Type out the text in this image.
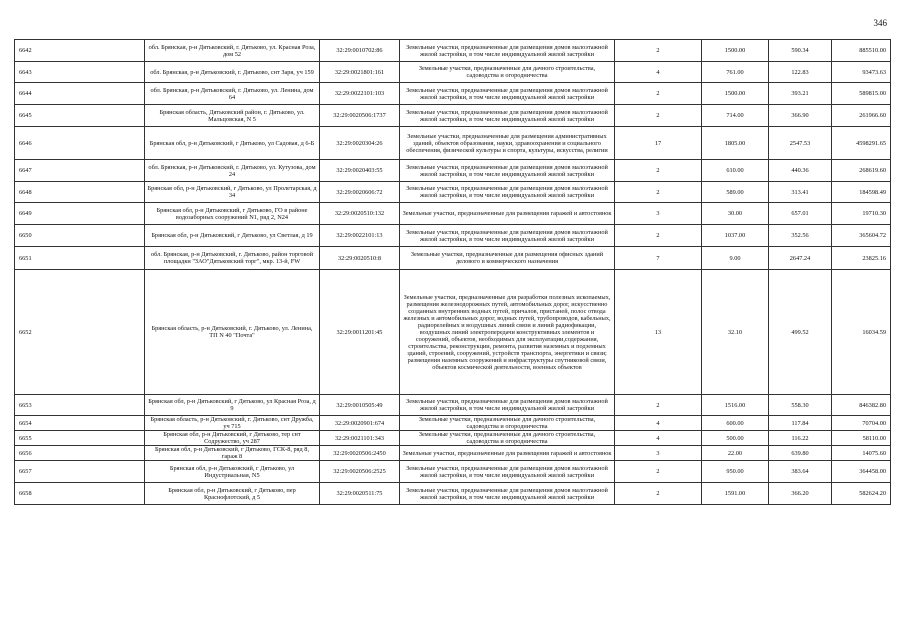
346
6642	обл. Брянская, р-н Дятьковский, г. Дятьково, ул. Красная Роза, дом 52	32:29:0010702:86	Земельные участки, предназначенные для размещения домов малоэтажной жилой застройки, в том числе индивидуальной жилой застройки	2	1500.00	590.34	885510.00
6643	обл. Брянская, р-н Дятьковский, г. Дятьково, снт Заря, уч 159	32:29:0021801:161	Земельные участки, предназначенные для дачного строительства, садоводства и огородничества	4	761.00	122.83	93473.63
6644	обл. Брянская, р-н Дятьковский, г. Дятьково, ул. Ленина, дом 64	32:29:0022101:103	Земельные участки, предназначенные для размещения домов малоэтажной жилой застройки, в том числе индивидуальной жилой застройки	2	1500.00	393.21	589815.00
6645	Брянская область, Дятьковский район, г. Дятьково, ул. Мальцовская, N 5	32:29:0020506:1737	Земельные участки, предназначенные для размещения домов малоэтажной жилой застройки, в том числе индивидуальной жилой застройки	2	714.00	366.90	261966.60
6646	Брянская обл, р-н Дятьковский, г Дятьково, ул Садовая, д 6-Б	32:29:0020304:26	Земельные участки, предназначенные для размещения административных зданий, объектов образования, науки, здравоохранения и социального обеспечения, физической культуры и спорта, культуры, искусства, религии	17	1805.00	2547.53	4598291.65
6647	обл. Брянская, р-н Дятьковский, г. Дятьково, ул. Кутузова, дом 24	32:29:0020403:55	Земельные участки, предназначенные для размещения домов малоэтажной жилой застройки, в том числе индивидуальной жилой застройки	2	610.00	440.36	268619.60
6648	Брянская обл, р-н Дятьковский, г Дятьково, ул Пролетарская, д 34	32:29:0020606:72	Земельные участки, предназначенные для размещения домов малоэтажной жилой застройки, в том числе индивидуальной жилой застройки	2	589.00	313.41	184598.49
6649	Брянская обл, р-н Дятьковский, г Дятьково, ГО в районе водозаборных сооружений N1, ряд 2, N24	32:29:0020510:132	Земельные участки, предназначенные для размещения гаражей и автостоянок	3	30.00	657.01	19710.30
6650	Брянская обл, р-н Дятьковский, г Дятьково, ул Светлая, д 19	32:29:0022101:13	Земельные участки, предназначенные для размещения домов малоэтажной жилой застройки, в том числе индивидуальной жилой застройки	2	1037.00	352.56	365604.72
6651	обл. Брянская, р-н Дятьковский, г. Дятьково, район торговой площадки "ЗАО"Дятьковский торг", мкр. 13-й, FW	32:29:0020510:8	Земельные участки, предназначенные для размещения офисных зданий делового и коммерческого назначения	7	9.00	2647.24	23825.16
6652	Брянская область, р-н Дятьковский, г. Дятьково, ул. Ленина, ТП N 40 "Почта"	32:29:0011201:45	Земельные участки, предназначенные для разработки полезных ископаемых, размещения железнодорожных путей, автомобильных дорог, искусственно созданных внутренних водных путей, причалов, пристаней, полос отвода железных и автомобильных дорог, водных путей, трубопроводов, кабельных, радиорелейных и воздушных линий связи и линий радиофикации, воздушных линий электропередачи конструктивных элементов и сооружений, объектов, необходимых для эксплуатации,содержания, строительства, реконструкции, ремонта, развития наземных и подземных зданий, строений, сооружений, устройств транспорта, энергетики и связи; размещения наземных сооружений и инфраструктуры спутниковой связи, объектов космической деятельности, военных объектов	13	32.10	499.52	16034.59
6653	Брянская обл, р-н Дятьковский, г Дятьково, ул Красная Роза, д 9	32:29:0010505:49	Земельные участки, предназначенные для размещения домов малоэтажной жилой застройки, в том числе индивидуальной жилой застройки	2	1516.00	558.30	846382.80
6654	Брянская область, р-н Дятьковский, г. Дятьково, снт Дружба, уч 715	32:29:0020901:674	Земельные участки, предназначенные для дачного строительства, садоводства и огородничества	4	600.00	117.84	70704.00
6655	Брянская обл, р-н Дятьковский, г Дятьково, тер снт Содружество, уч 287	32:29:0021101:343	Земельные участки, предназначенные для дачного строительства, садоводства и огородничества	4	500.00	116.22	58110.00
6656	Брянская обл, р-н Дятьковский, г Дятьково, ГСК-8, ряд 8, гараж 8	32:29:0020506:2450	Земельные участки, предназначенные для размещения гаражей и автостоянок	3	22.00	639.80	14075.60
6657	Брянская обл, р-н Дятьковский, г Дятьково, ул Индустриальная, N5	32:29:0020506:2525	Земельные участки, предназначенные для размещения домов малоэтажной жилой застройки, в том числе индивидуальной жилой застройки	2	950.00	383.64	364458.00
6658	Брянская обл, р-н Дятьковский, г Дятьково, пер Краснофлотский, д 5	32:29:0020511:75	Земельные участки, предназначенные для размещения домов малоэтажной жилой застройки, в том числе индивидуальной жилой застройки	2	1591.00	366.20	582624.20
